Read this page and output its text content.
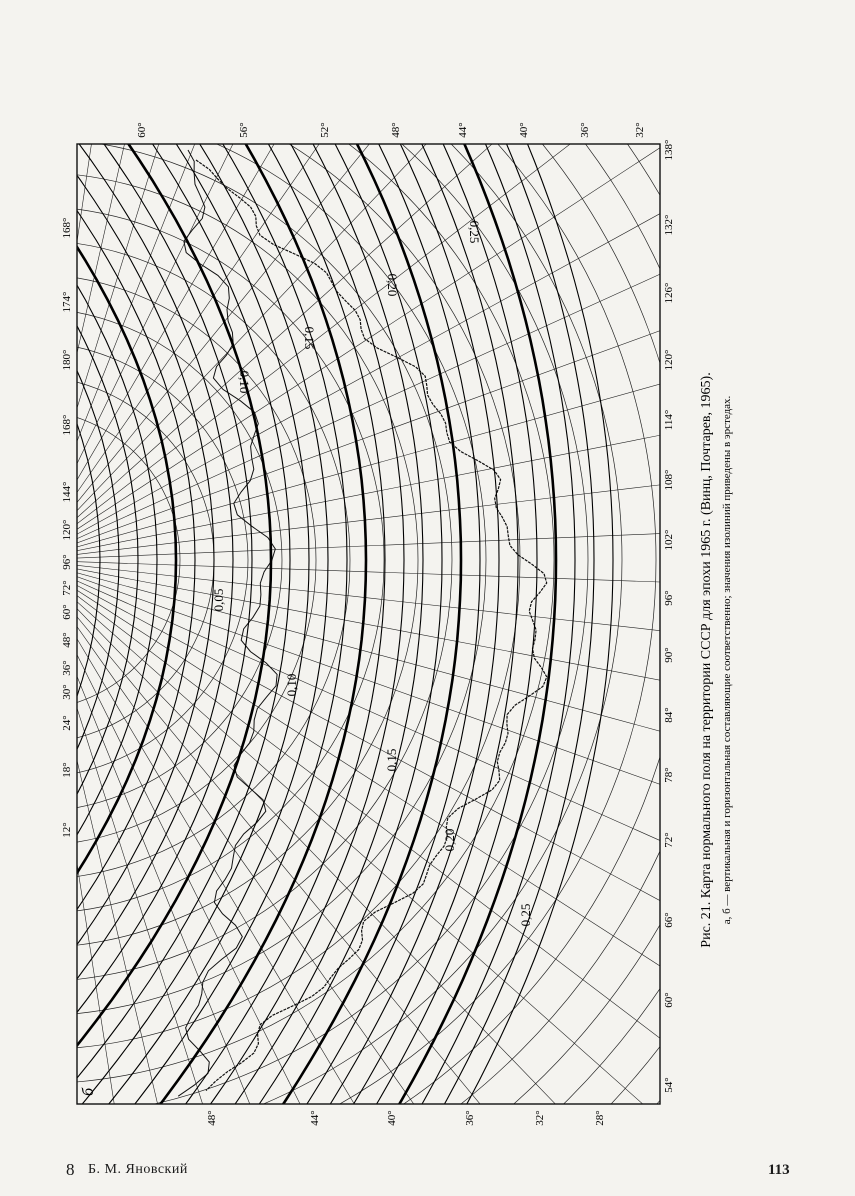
12°
18°
24°
30°
36°
48°
60°
72°
96°
120°
144°
168°
180°
174°
168°
60°	56°	52°	48°	44°	40°	36°	32°
54°
60°
66°
72°
78°
84°
90°
96°
102°
108°
114°
120°
126°
132°
138°
48°	44°	40°	36°	32°	28°
0,05
0,10
0,15
0,20
0,25
0,10
0,15
0,20
0,25
Рис. 21. Карта нормального поля на территории СССР для эпохи 1965 г. (Винц, Почтарев, 1965). а, б — вертикальная и горизонтальная составляющие соответственно; значения изолиний приведены в эрстедах.
б
8 Б. М. Яновский	113
